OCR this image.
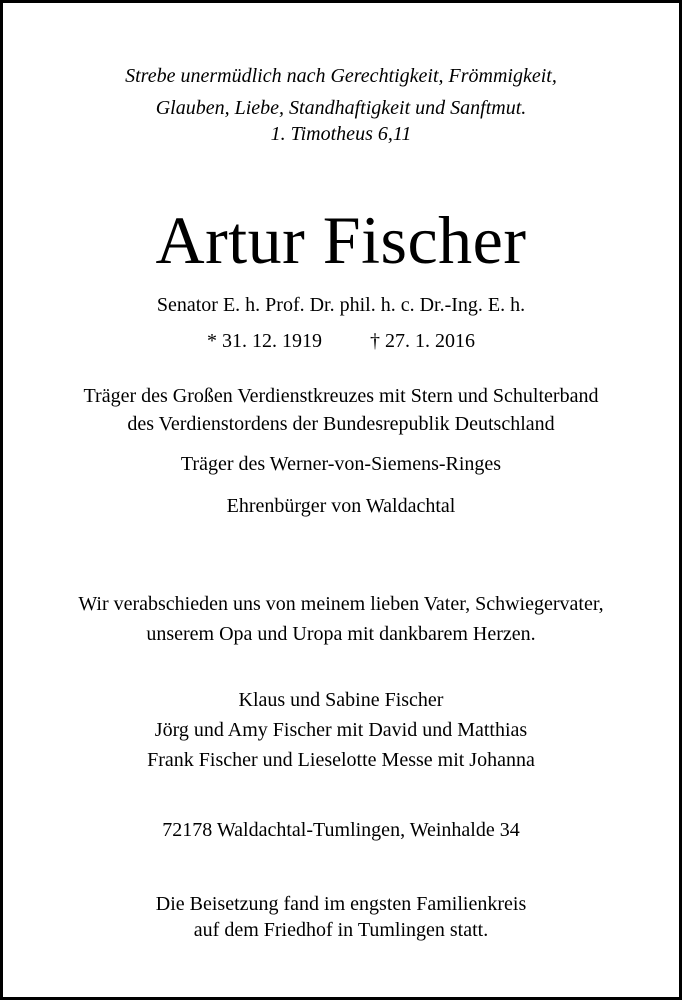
Strebe unermüdlich nach Gerechtigkeit, Frömmigkeit,
Glauben, Liebe, Standhaftigkeit und Sanftmut.
1. Timotheus 6,11
Artur Fischer
Senator E. h. Prof. Dr. phil. h. c. Dr.-Ing. E. h.
* 31. 12. 1919 † 27. 1. 2016
Träger des Großen Verdienstkreuzes mit Stern und Schulterband
des Verdienstordens der Bundesrepublik Deutschland
Träger des Werner-von-Siemens-Ringes
Ehrenbürger von Waldachtal
Wir verabschieden uns von meinem lieben Vater, Schwiegervater,
unserem Opa und Uropa mit dankbarem Herzen.
Klaus und Sabine Fischer
Jörg und Amy Fischer mit David und Matthias
Frank Fischer und Lieselotte Messe mit Johanna
72178 Waldachtal-Tumlingen, Weinhalde 34
Die Beisetzung fand im engsten Familienkreis
auf dem Friedhof in Tumlingen statt.
